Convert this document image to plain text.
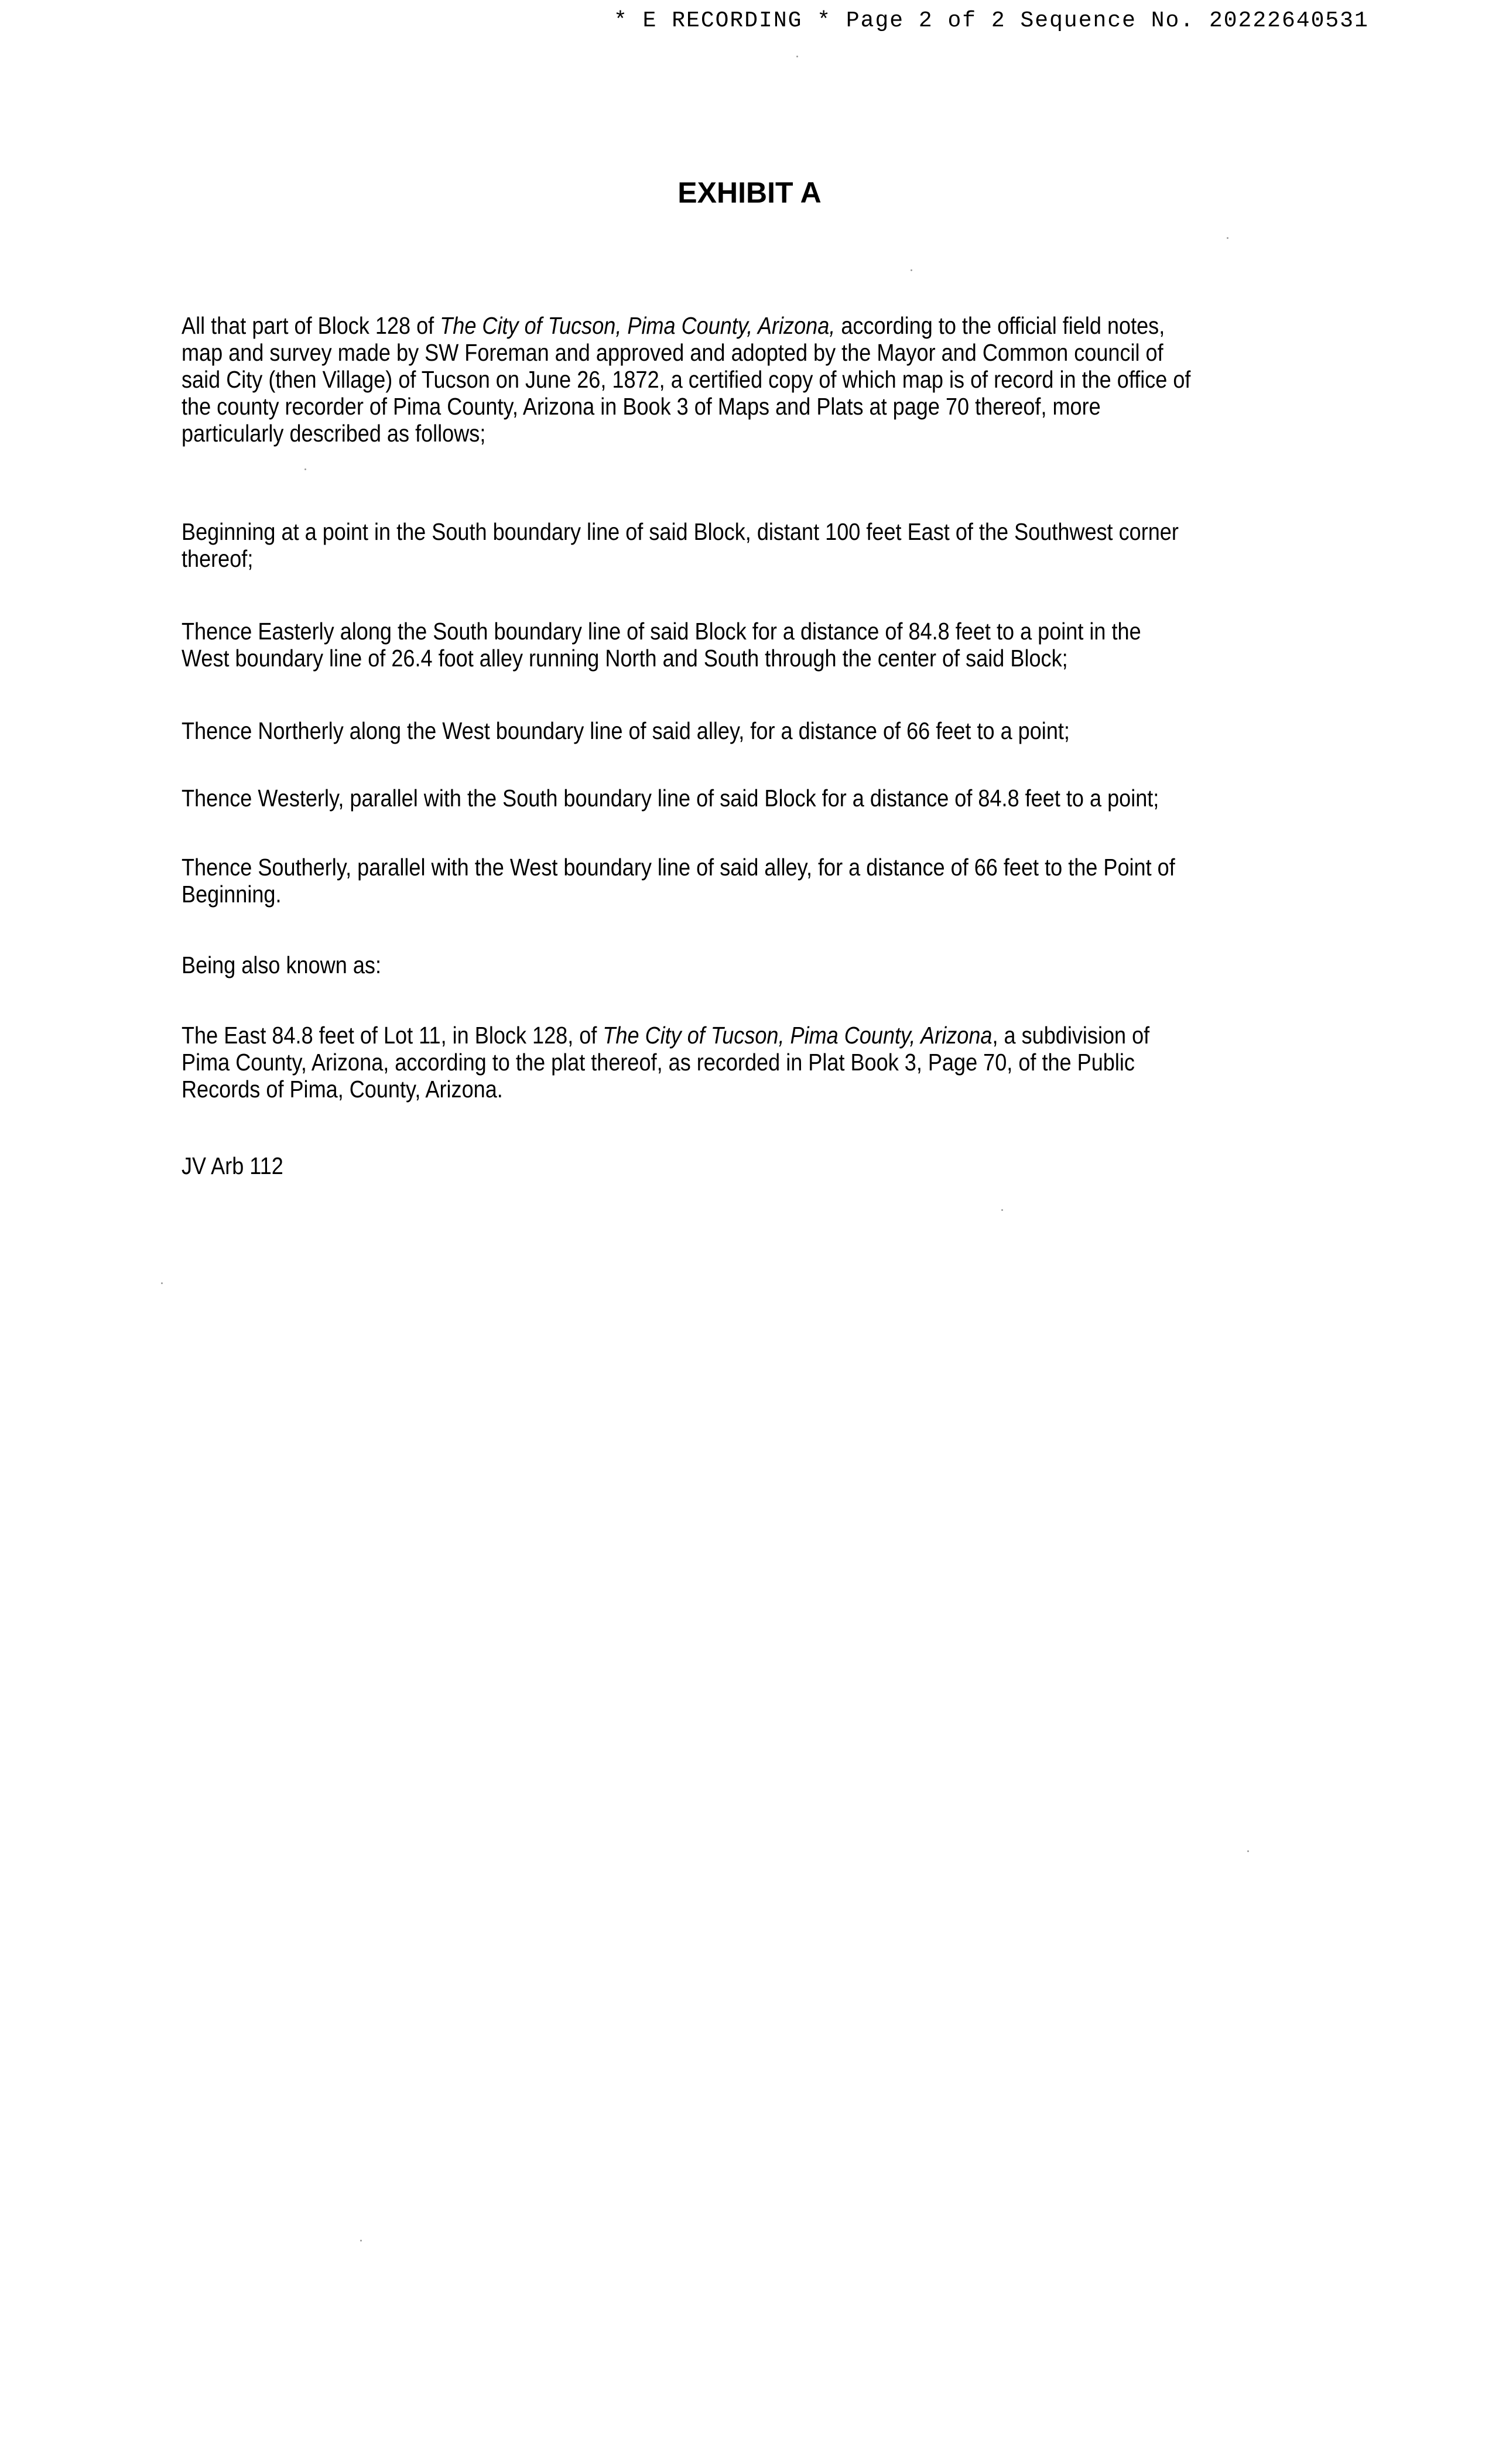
* E RECORDING * Page 2 of 2 Sequence No. 20222640531
EXHIBIT A

All that part of Block 128 of The City of Tucson, Pima County, Arizona, according to the official field notes, map and survey made by SW Foreman and approved and adopted by the Mayor and Common council of said City (then Village) of Tucson on June 26, 1872, a certified copy of which map is of record in the office of the county recorder of Pima County, Arizona in Book 3 of Maps and Plats at page 70 thereof, more particularly described as follows;

Beginning at a point in the South boundary line of said Block, distant 100 feet East of the Southwest corner thereof;

Thence Easterly along the South boundary line of said Block for a distance of 84.8 feet to a point in the West boundary line of 26.4 foot alley running North and South through the center of said Block;

Thence Northerly along the West boundary line of said alley, for a distance of 66 feet to a point;

Thence Westerly, parallel with the South boundary line of said Block for a distance of 84.8 feet to a point;

Thence Southerly, parallel with the West boundary line of said alley, for a distance of 66 feet to the Point of Beginning.

Being also known as:

The East 84.8 feet of Lot 11, in Block 128, of The City of Tucson, Pima County, Arizona, a subdivision of Pima County, Arizona, according to the plat thereof, as recorded in Plat Book 3, Page 70, of the Public Records of Pima, County, Arizona.

JV Arb 112
